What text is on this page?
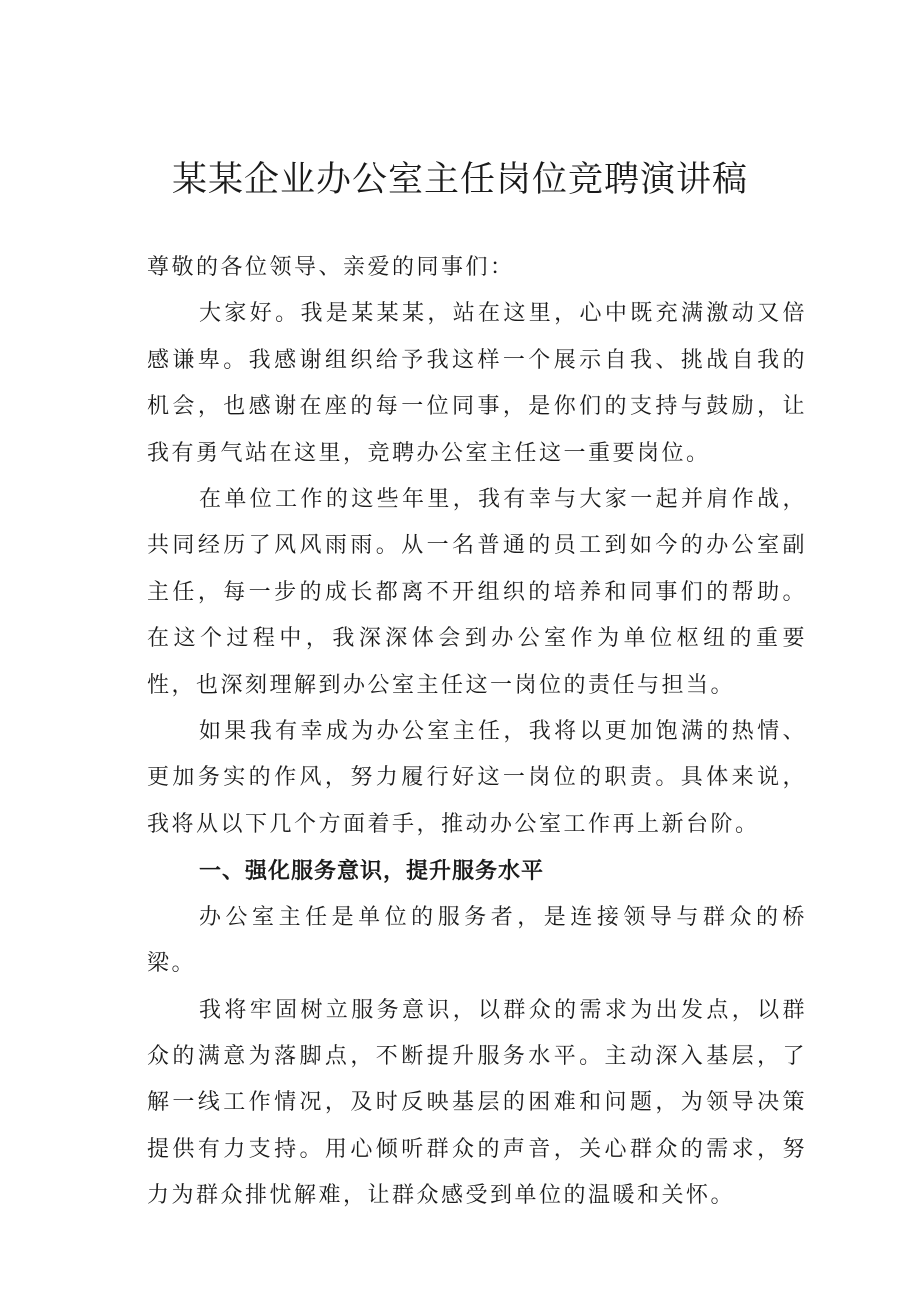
某某企业办公室主任岗位竞聘演讲稿

尊敬的各位领导、亲爱的同事们：

大家好。我是某某某，站在这里，心中既充满激动又倍感谦卑。我感谢组织给予我这样一个展示自我、挑战自我的机会，也感谢在座的每一位同事，是你们的支持与鼓励，让我有勇气站在这里，竞聘办公室主任这一重要岗位。

在单位工作的这些年里，我有幸与大家一起并肩作战，共同经历了风风雨雨。从一名普通的员工到如今的办公室副主任，每一步的成长都离不开组织的培养和同事们的帮助。在这个过程中，我深深体会到办公室作为单位枢纽的重要性，也深刻理解到办公室主任这一岗位的责任与担当。

如果我有幸成为办公室主任，我将以更加饱满的热情、更加务实的作风，努力履行好这一岗位的职责。具体来说，我将从以下几个方面着手，推动办公室工作再上新台阶。

一、强化服务意识，提升服务水平

办公室主任是单位的服务者，是连接领导与群众的桥梁。

我将牢固树立服务意识，以群众的需求为出发点，以群众的满意为落脚点，不断提升服务水平。主动深入基层，了解一线工作情况，及时反映基层的困难和问题，为领导决策提供有力支持。用心倾听群众的声音，关心群众的需求，努力为群众排忧解难，让群众感受到单位的温暖和关怀。
